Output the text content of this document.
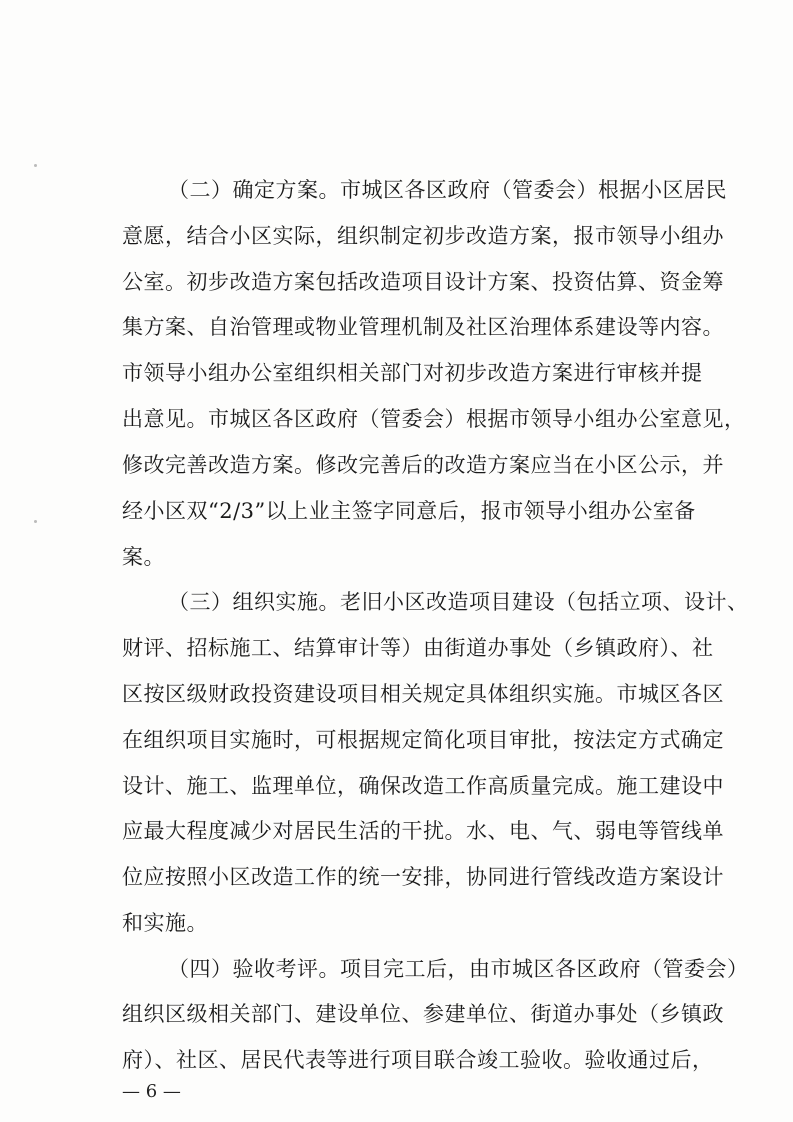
（二）确定方案。市城区各区政府（管委会）根据小区居民
意愿，结合小区实际，组织制定初步改造方案，报市领导小组办
公室。初步改造方案包括改造项目设计方案、投资估算、资金筹
集方案、自治管理或物业管理机制及社区治理体系建设等内容。
市领导小组办公室组织相关部门对初步改造方案进行审核并提
出意见。市城区各区政府（管委会）根据市领导小组办公室意见，
修改完善改造方案。修改完善后的改造方案应当在小区公示，并
经小区双“2/3”以上业主签字同意后，报市领导小组办公室备
案。
（三）组织实施。老旧小区改造项目建设（包括立项、设计、
财评、招标施工、结算审计等）由街道办事处（乡镇政府）、社
区按区级财政投资建设项目相关规定具体组织实施。市城区各区
在组织项目实施时，可根据规定简化项目审批，按法定方式确定
设计、施工、监理单位，确保改造工作高质量完成。施工建设中
应最大程度减少对居民生活的干扰。水、电、气、弱电等管线单
位应按照小区改造工作的统一安排，协同进行管线改造方案设计
和实施。
（四）验收考评。项目完工后，由市城区各区政府（管委会）
组织区级相关部门、建设单位、参建单位、街道办事处（乡镇政
府）、社区、居民代表等进行项目联合竣工验收。验收通过后，
— 6 —
